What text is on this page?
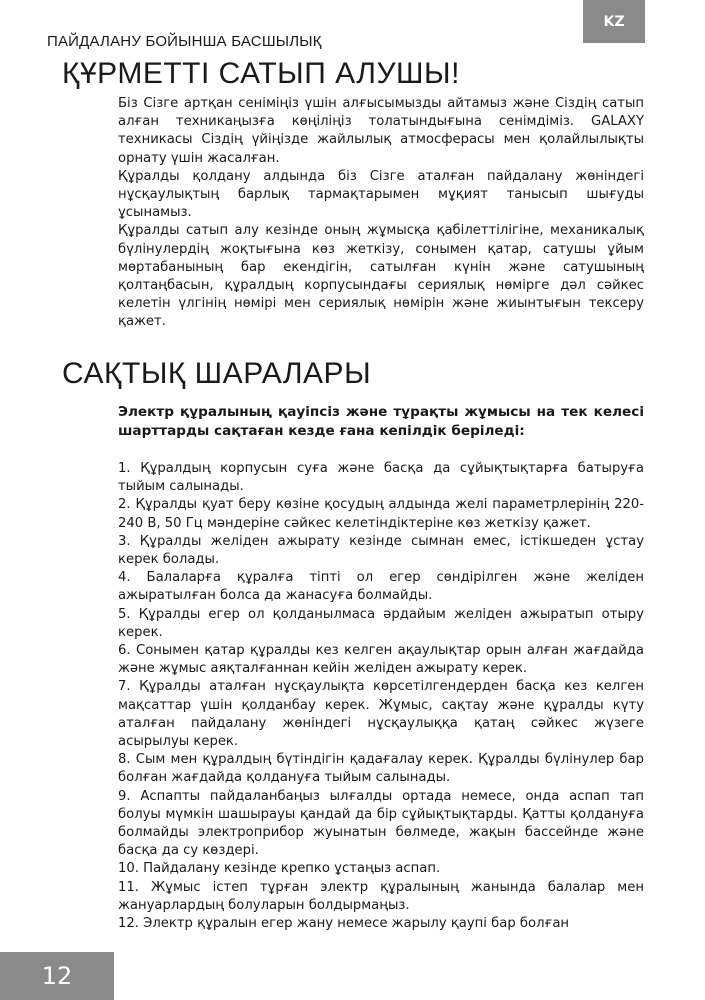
KZ
ПАЙДАЛАНУ БОЙЫНША БАСШЫЛЫҚ
ҚҰРМЕТТІ САТЫП АЛУШЫ!

Біз Сізге артқан сеніміңіз үшін алғысымызды айтамыз және Сіздің сатып алған техникаңызға көңіліңіз толатындығына сенімдіміз. GALAXY техникасы Сіздің үйіңізде жайлылық атмосферасы мен қолайлылықты орнату үшін жасалған.

Құралды қолдану алдында біз Сізге аталған пайдалану жөніндегі нұсқаулықтың барлық тармақтарымен мұқият танысып шығуды ұсынамыз.

Құралды сатып алу кезінде оның жұмысқа қабілеттілігіне, механикалық бүлінулердің жоқтығына көз жеткізу, сонымен қатар, сатушы ұйым мөртабанының бар екендігін, сатылған күнін және сатушының қолтаңбасын, құралдың корпусындағы сериялық нөмірге дәл сәйкес келетін үлгінің нөмірі мен сериялық нөмірін және жиынтығын тексеру қажет.

САҚТЫҚ ШАРАЛАРЫ
Электр құралының қауіпсіз және тұрақты жұмысы на тек келесі шарттарды сақтаған кезде ғана кепілдік беріледі:

1. Құралдың корпусын суға және басқа да сұйықтықтарға батыруға тыйым салынады.

2. Құралды қуат беру көзіне қосудың алдында желі параметрлерінің 220-240 В, 50 Гц мәндеріне сәйкес келетіндіктеріне көз жеткізу қажет.

3. Құралды желіден ажырату кезінде сымнан емес, істікшеден ұстау керек болады.

4. Балаларға құралға тіпті ол егер сөндірілген және желіден ажыратылған болса да жанасуға болмайды.

5. Құралды егер ол қолданылмаса әрдайым желіден ажыратып отыру керек.

6. Сонымен қатар құралды кез келген ақаулықтар орын алған жағдайда және жұмыс аяқталғаннан кейін желіден ажырату керек.

7. Құралды аталған нұсқаулықта көрсетілгендерден басқа кез келген мақсаттар үшін қолданбау керек. Жұмыс, сақтау және құралды күту аталған пайдалану жөніндегі нұсқаулыққа қатаң сәйкес жүзеге асырылуы керек.

8. Сым мен құралдың бүтіндігін қадағалау керек. Құралды бүлінулер бар болған жағдайда қолдануға тыйым салынады.

9. Аспапты пайдаланбаңыз ылғалды ортада немесе, онда аспап тап болуы мүмкін шашырауы қандай да бір сұйықтықтарды. Қатты қолдануға болмайды электроприбор жуынатын бөлмеде, жақын бассейнде және басқа да су көздері.

10. Пайдалану кезінде крепко ұстаңыз аспап.

11. Жұмыс істеп тұрған электр құралының жанында балалар мен жануарлардың болуларын болдырмаңыз.

12. Электр құралын егер жану немесе жарылу қаупі бар болған

12
